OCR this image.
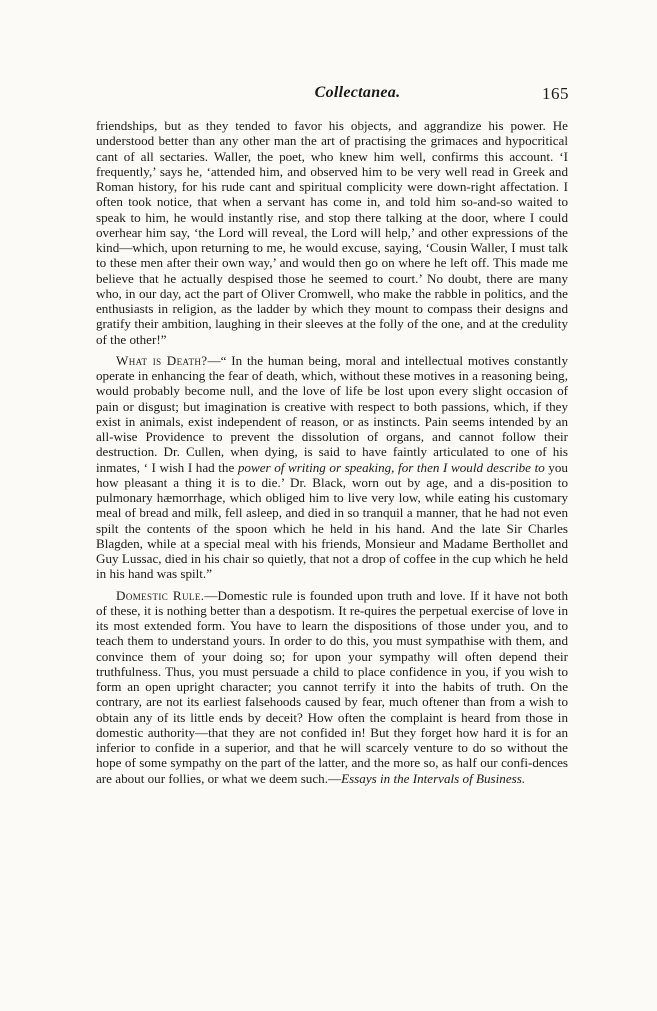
Collectanea.	165

friendships, but as they tended to favor his objects, and aggrandize his power. He understood better than any other man the art of practising the grimaces and hypocritical cant of all sectaries. Waller, the poet, who knew him well, confirms this account. ‘I frequently,’ says he, ‘attended him, and observed him to be very well read in Greek and Roman history, for his rude cant and spiritual complicity were down-right affectation. I often took notice, that when a servant has come in, and told him so-and-so waited to speak to him, he would instantly rise, and stop there talking at the door, where I could overhear him say, ‘the Lord will reveal, the Lord will help,’ and other expressions of the kind—which, upon returning to me, he would excuse, saying, ‘Cousin Waller, I must talk to these men after their own way,’ and would then go on where he left off. This made me believe that he actually despised those he seemed to court.’ No doubt, there are many who, in our day, act the part of Oliver Cromwell, who make the rabble in politics, and the enthusiasts in religion, as the ladder by which they mount to compass their designs and gratify their ambition, laughing in their sleeves at the folly of the one, and at the credulity of the other!”

What is Death?—“ In the human being, moral and intellectual motives constantly operate in enhancing the fear of death, which, without these motives in a reasoning being, would probably become null, and the love of life be lost upon every slight occasion of pain or disgust; but imagination is creative with respect to both passions, which, if they exist in animals, exist independent of reason, or as instincts. Pain seems intended by an all-wise Providence to prevent the dissolution of organs, and cannot follow their destruction. Dr. Cullen, when dying, is said to have faintly articulated to one of his inmates, ‘ I wish I had the power of writing or speaking, for then I would describe to you how pleasant a thing it is to die.’ Dr. Black, worn out by age, and a dis-position to pulmonary hæmorrhage, which obliged him to live very low, while eating his customary meal of bread and milk, fell asleep, and died in so tranquil a manner, that he had not even spilt the contents of the spoon which he held in his hand. And the late Sir Charles Blagden, while at a special meal with his friends, Monsieur and Madame Berthollet and Guy Lussac, died in his chair so quietly, that not a drop of coffee in the cup which he held in his hand was spilt.”

Domestic Rule.—Domestic rule is founded upon truth and love. If it have not both of these, it is nothing better than a despotism. It re-quires the perpetual exercise of love in its most extended form. You have to learn the dispositions of those under you, and to teach them to understand yours. In order to do this, you must sympathise with them, and convince them of your doing so; for upon your sympathy will often depend their truthfulness. Thus, you must persuade a child to place confidence in you, if you wish to form an open upright character; you cannot terrify it into the habits of truth. On the contrary, are not its earliest falsehoods caused by fear, much oftener than from a wish to obtain any of its little ends by deceit? How often the complaint is heard from those in domestic authority—that they are not confided in! But they forget how hard it is for an inferior to confide in a superior, and that he will scarcely venture to do so without the hope of some sympathy on the part of the latter, and the more so, as half our confi-dences are about our follies, or what we deem such.—Essays in the Intervals of Business.
